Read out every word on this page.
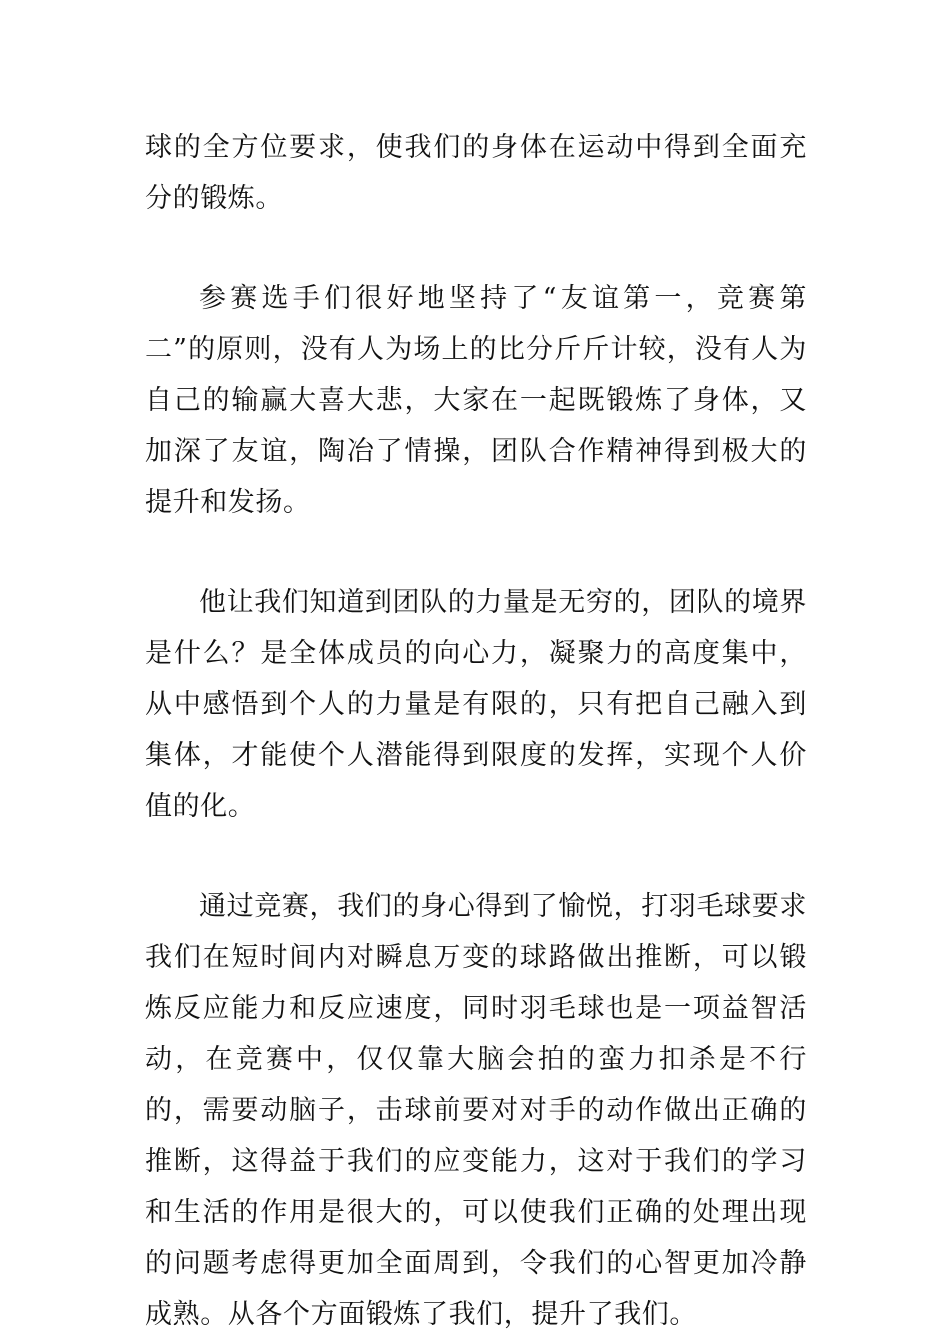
球的全方位要求，使我们的身体在运动中得到全面充分的锻炼。

参赛选手们很好地坚持了“友谊第一，竞赛第二”的原则，没有人为场上的比分斤斤计较，没有人为自己的输赢大喜大悲，大家在一起既锻炼了身体，又加深了友谊，陶冶了情操，团队合作精神得到极大的提升和发扬。

他让我们知道到团队的力量是无穷的，团队的境界是什么？是全体成员的向心力，凝聚力的高度集中，从中感悟到个人的力量是有限的，只有把自己融入到集体，才能使个人潜能得到限度的发挥，实现个人价值的化。

通过竞赛，我们的身心得到了愉悦，打羽毛球要求我们在短时间内对瞬息万变的球路做出推断，可以锻炼反应能力和反应速度，同时羽毛球也是一项益智活动，在竞赛中，仅仅靠大脑会拍的蛮力扣杀是不行的，需要动脑子，击球前要对对手的动作做出正确的推断，这得益于我们的应变能力，这对于我们的学习和生活的作用是很大的，可以使我们正确的处理出现的问题考虑得更加全面周到，令我们的心智更加冷静成熟。从各个方面锻炼了我们，提升了我们。
